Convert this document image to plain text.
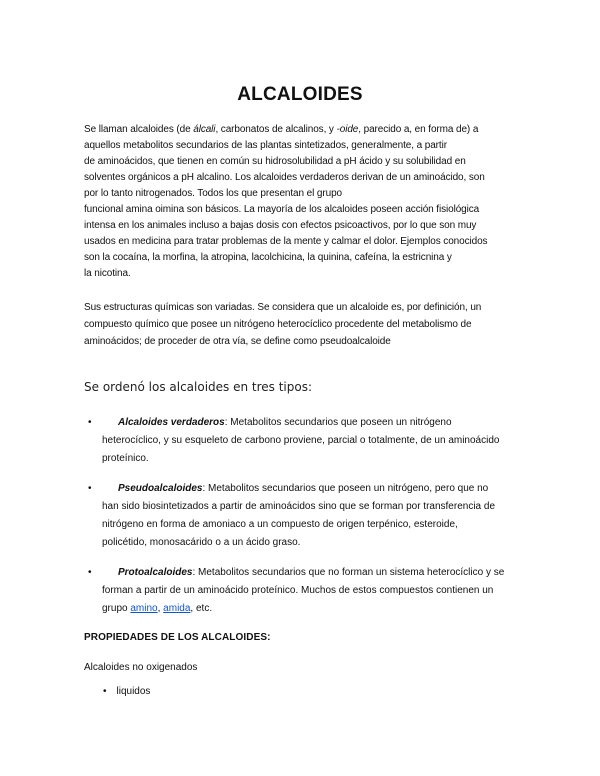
ALCALOIDES
Se llaman alcaloides (de álcali, carbonatos de alcalinos, y -oide, parecido a, en forma de) a
aquellos metabolitos secundarios de las plantas sintetizados, generalmente, a partir
de aminoácidos, que tienen en común su hidrosolubilidad a pH ácido y su solubilidad en
solventes orgánicos a pH alcalino. Los alcaloides verdaderos derivan de un aminoácido, son
por lo tanto nitrogenados. Todos los que presentan el grupo
funcional amina oimina son básicos. La mayoría de los alcaloides poseen acción fisiológica
intensa en los animales incluso a bajas dosis con efectos psicoactivos, por lo que son muy
usados en medicina para tratar problemas de la mente y calmar el dolor. Ejemplos conocidos
son la cocaína, la morfina, la atropina, lacolchicina, la quinina, cafeína, la estricnina y
la nicotina.
Sus estructuras químicas son variadas. Se considera que un alcaloide es, por definición, un
compuesto químico que posee un nitrógeno heterocíclico procedente del metabolismo de
aminoácidos; de proceder de otra vía, se define como pseudoalcaloide
Se ordenó los alcaloides en tres tipos:
•	Alcaloides verdaderos: Metabolitos secundarios que poseen un nitrógeno
heterocíclico, y su esqueleto de carbono proviene, parcial o totalmente, de un aminoácido
proteínico.
•	Pseudoalcaloides: Metabolitos secundarios que poseen un nitrógeno, pero que no
han sido biosintetizados a partir de aminoácidos sino que se forman por transferencia de
nitrógeno en forma de amoniaco a un compuesto de origen terpénico, esteroide,
policétido, monosacárido o a un ácido graso.
•	Protoalcaloides: Metabolitos secundarios que no forman un sistema heterocíclico y se
forman a partir de un aminoácido proteínico. Muchos de estos compuestos contienen un
grupo amino, amida, etc.
PROPIEDADES DE LOS ALCALOIDES:
Alcaloides no oxigenados
• liquidos
